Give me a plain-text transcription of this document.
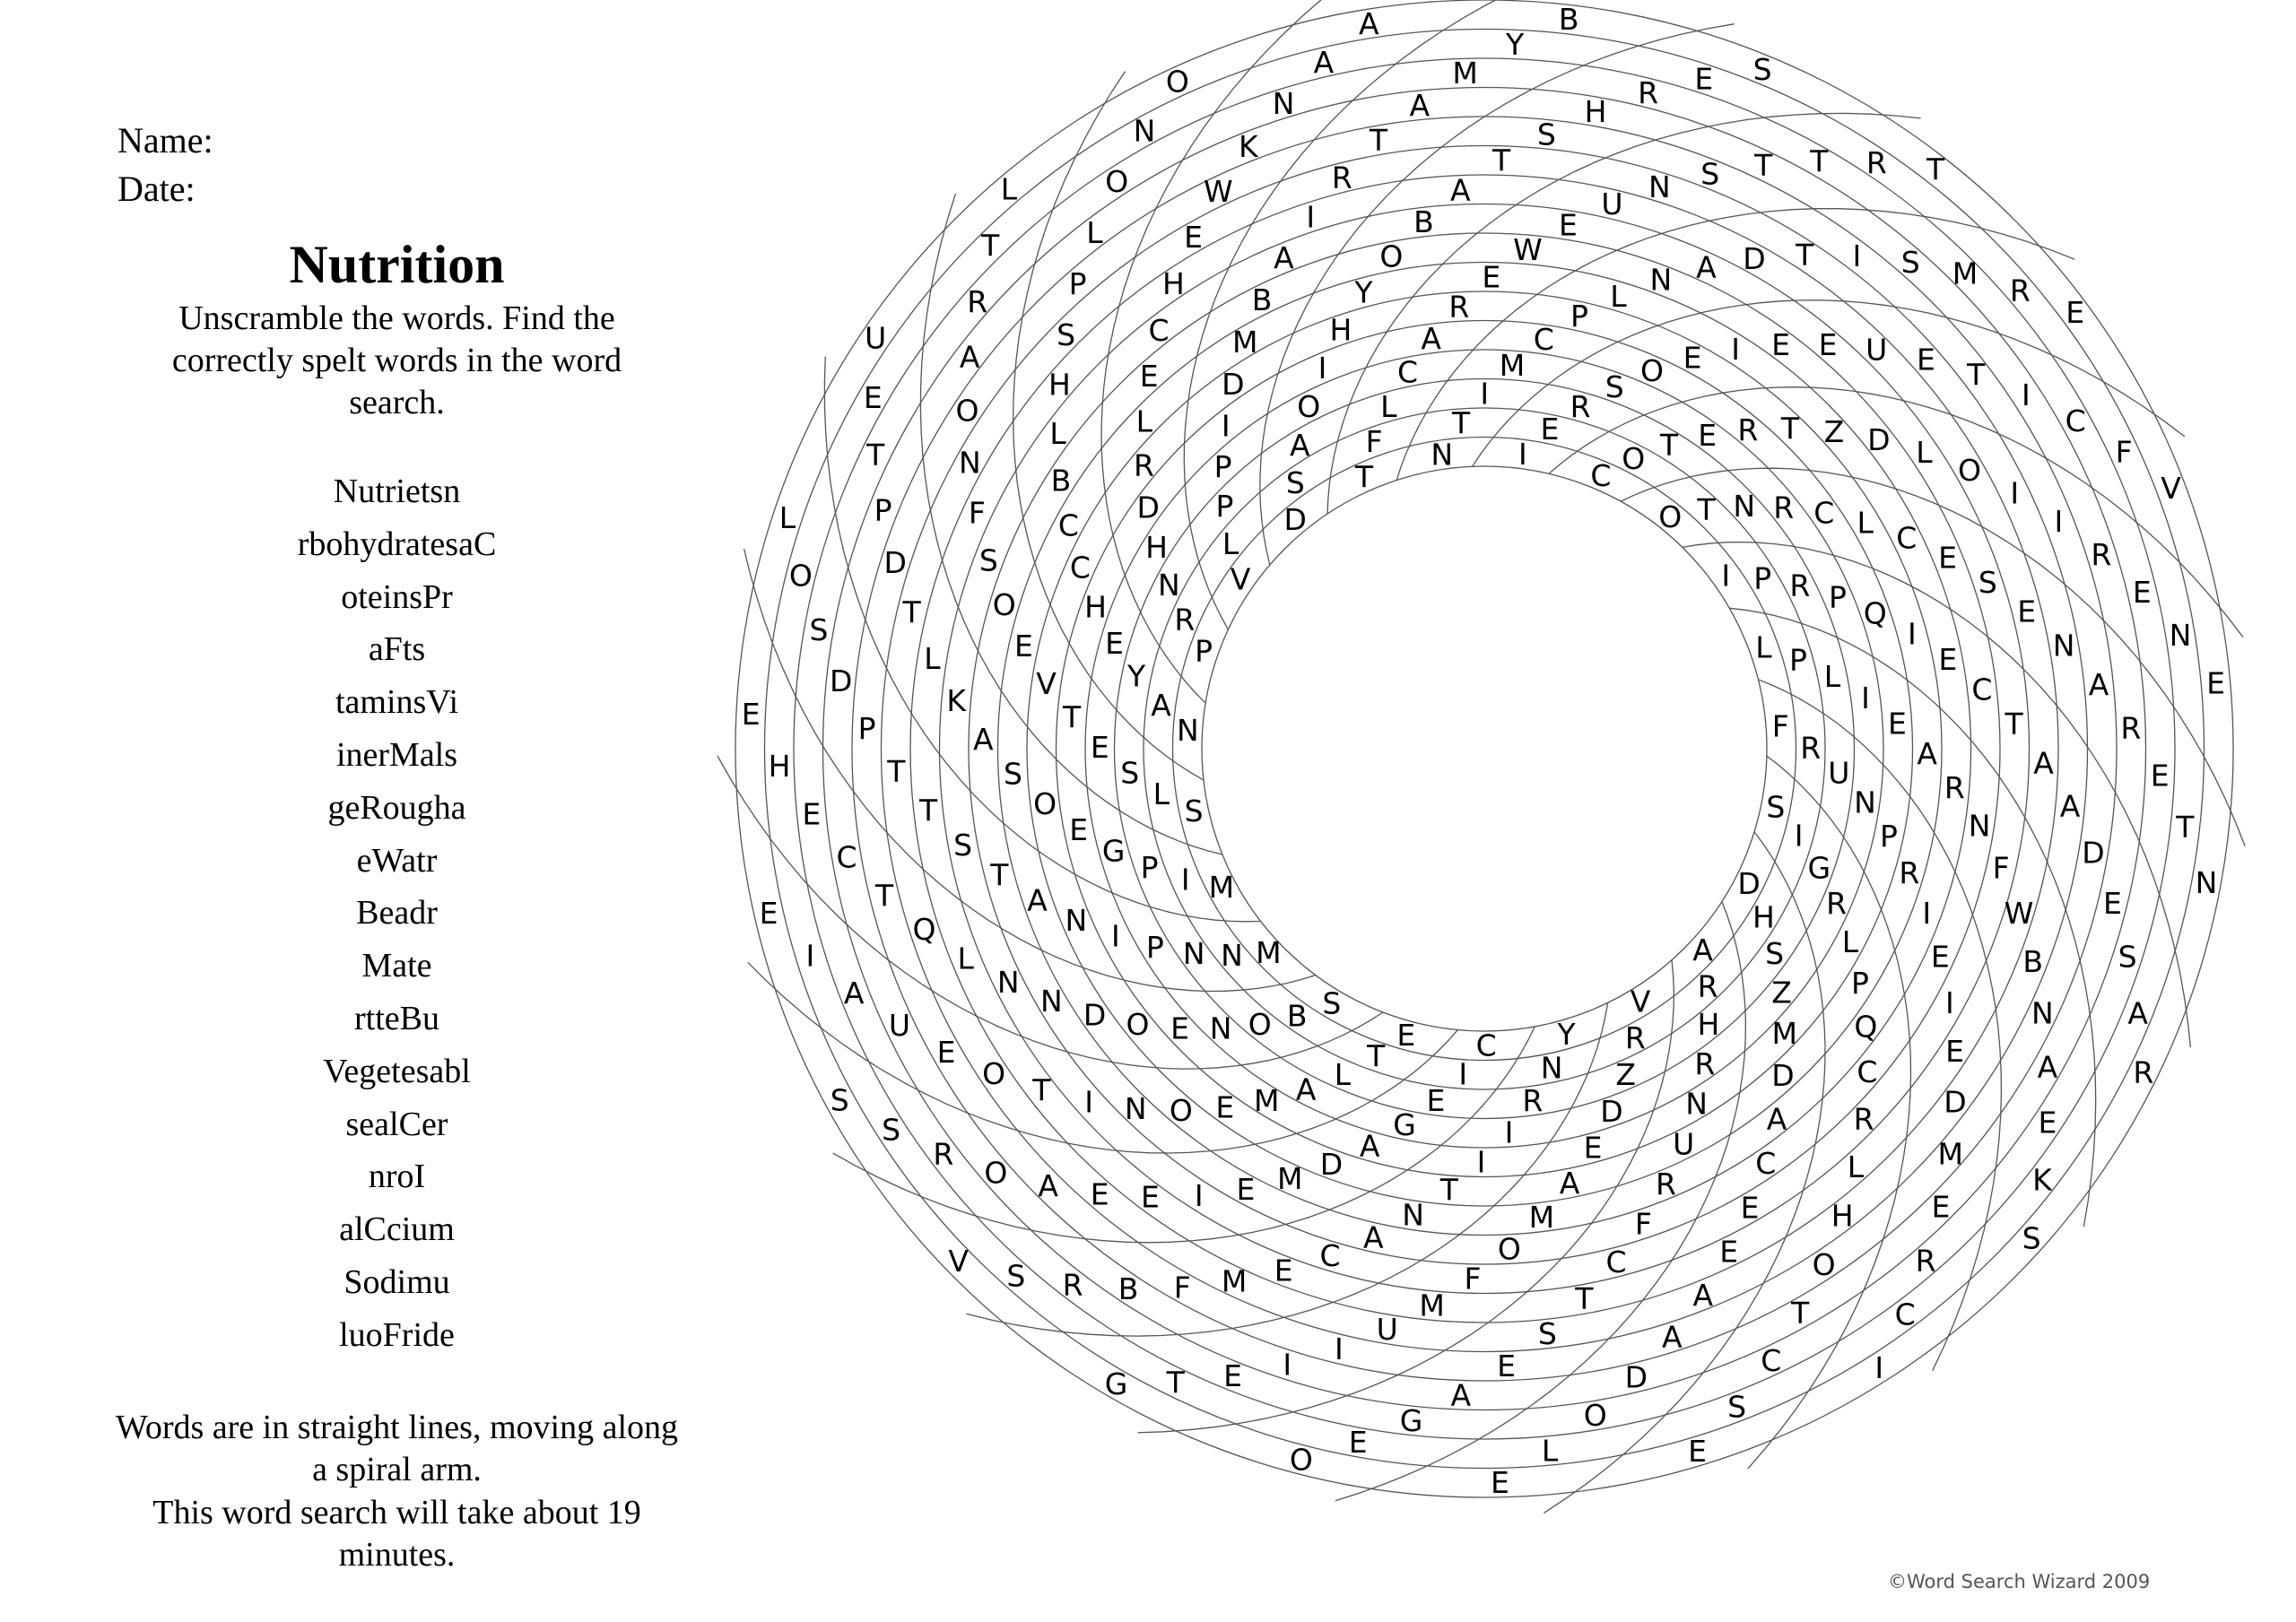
Name:
Date:
Nutrition

Unscramble the words. Find the correctly spelt words in the word search.

Nutrietsn
rbohydratesaC
oteinsPr
aFts
taminsVi
inerMals
geRougha
eWatr
Beadr
Mate
rtteBu
Vegetesabl
sealCer
nroI
alCcium
Sodimu
luoFride

Words are in straight lines, moving along a spiral arm.
This word search will take about 19 minutes.

N
T
I
M
C
P
L N A D T I S M R
E
I
E
R
S O E I E E U E T
I
C
F
V
C O T E R T Z D L
O
I
I
R
E
N
E
O T N R C L C
E
S
E
N
A
R
E
T
N
I P R P Q
I
E
C
T
A
A
D
E
S
A
R
L P L
I
E
A
R
N
F
W
B
N
A
E
K
S
F
R
U
N
P
R
I
E
I
E
D
M
E
R
C
I
S
I
G
R
L
P
Q
C
R
L
H
O
T
C
S
E
D
H
S
Z
M
D
A
C
E
E
A
A
D
O
L
E
A
R
H
R
N
U
R
F
C
T
S
E
A
G
E
O
V
R
Z
D
E
A
M
O
F
M
U
I
I
E
T
G
Y
N
R
I
I
T
N
A
C
E
M
F
B
R
S
V
C
I
E
G
A
D
M
E
I
E
E
A
O
R
S
S
E
T
L
A
M
E
O
N
I
T
O
E
U
A
I
E
S
B
O
N
E
O
D
N
N
L
Q
T
C
E
H
E
M
N
N
P
I
N
A
T
S
T
T
P
D
S
O
L
M
I
P
G
E
O
S
A
K
L
T
D
P
T
E
U
S
L
S
E
T
V
E
O
S
F
N
O
A
R
T
L
N
A
Y
E
H
C
C
B
L
H
S
P
L
O
N
O
P
R
N
H
D
R
L
E
C
H
E
W
K
N
A
A
V
L
P
P
I
D
M
B
A
I
R
T
A
M
Y
B
D
S
A
O
I
H
Y
O
B
A
T
S
H
R E S
T
F
L
C
A
R
E
W
E
U N S T T R T
©Word Search Wizard 2009
